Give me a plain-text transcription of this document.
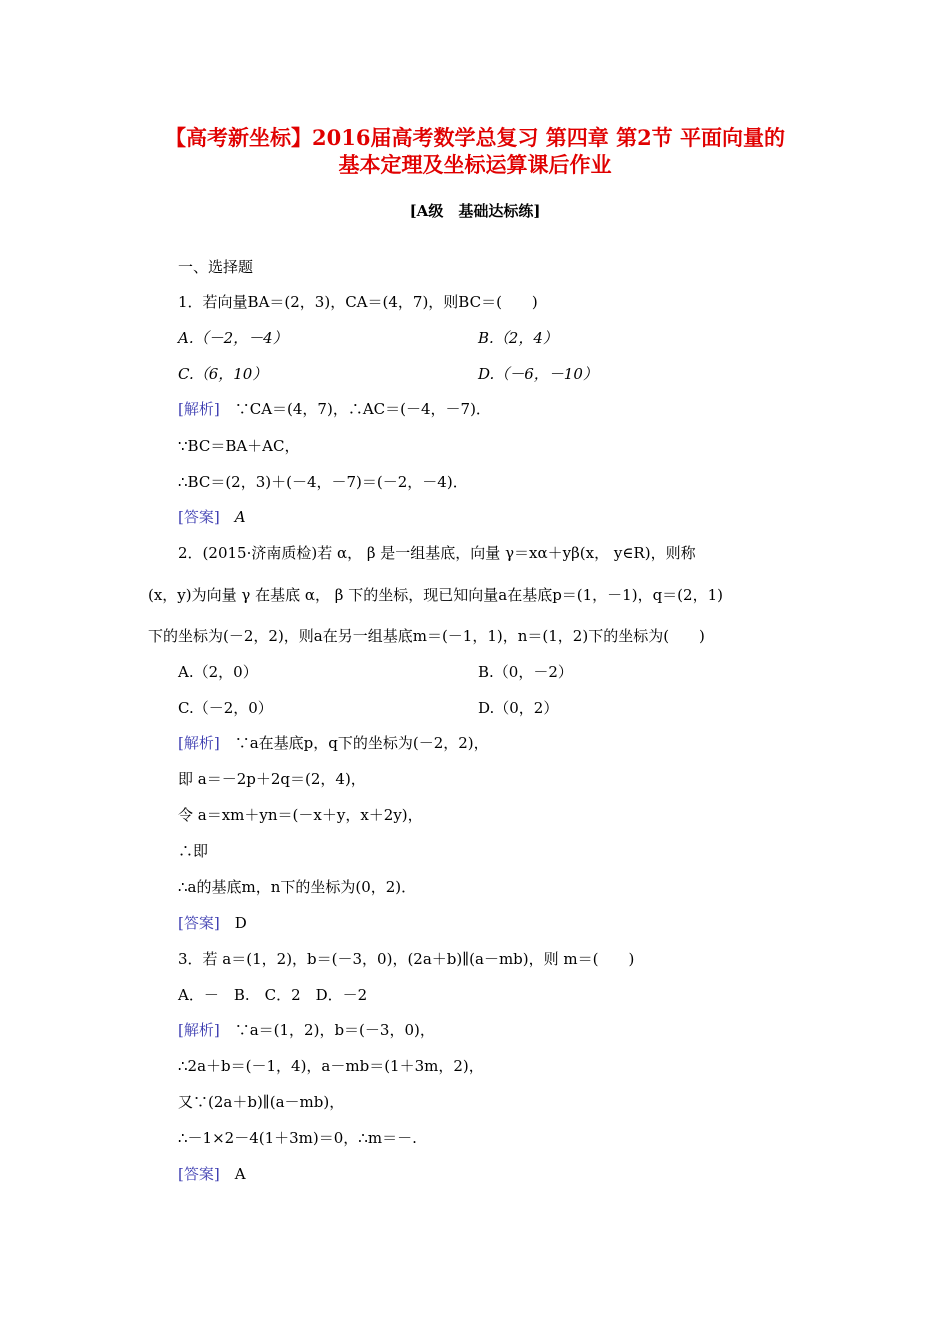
【高考新坐标】2016届高考数学总复习 第四章 第2节 平面向量的
基本定理及坐标运算课后作业
[A级　基础达标练]
一、选择题
1．若向量BA＝(2，3)，CA＝(4，7)，则BC＝(　　)
A.（－2，－4）	B.（2，4）
C.（6，10）	D.（－6，－10）
[解析]　∵CA＝(4，7)，∴AC＝(－4，－7)．
∵BC＝BA＋AC，
∴BC＝(2，3)＋(－4，－7)＝(－2，－4)．
[答案]　A
2．(2015·济南质检)若 α， β 是一组基底，向量 γ＝xα＋yβ(x， y∈R)，则称
(x，y)为向量 γ 在基底 α， β 下的坐标，现已知向量a在基底p＝(1，－1)，q＝(2，1)
下的坐标为(－2，2)，则a在另一组基底m＝(－1，1)，n＝(1，2)下的坐标为(　　)
A.（2，0）	B.（0，－2）
C.（－2，0）	D.（0，2）
[解析]　∵a在基底p，q下的坐标为(－2，2)，
即 a＝－2p＋2q＝(2，4)，
令 a＝xm＋yn＝(－x＋y，x＋2y)，
∴即
∴a的基底m，n下的坐标为(0，2)．
[答案]　D
3．若 a＝(1，2)，b＝(－3，0)，(2a＋b)∥(a－mb)，则 m＝(　　)
A．－　B.　C．2　D．－2
[解析]　∵a＝(1，2)，b＝(－3，0)，
∴2a＋b＝(－1，4)，a－mb＝(1＋3m，2)，
又∵(2a＋b)∥(a－mb)，
∴－1×2－4(1＋3m)＝0，∴m＝－.
[答案]　A
